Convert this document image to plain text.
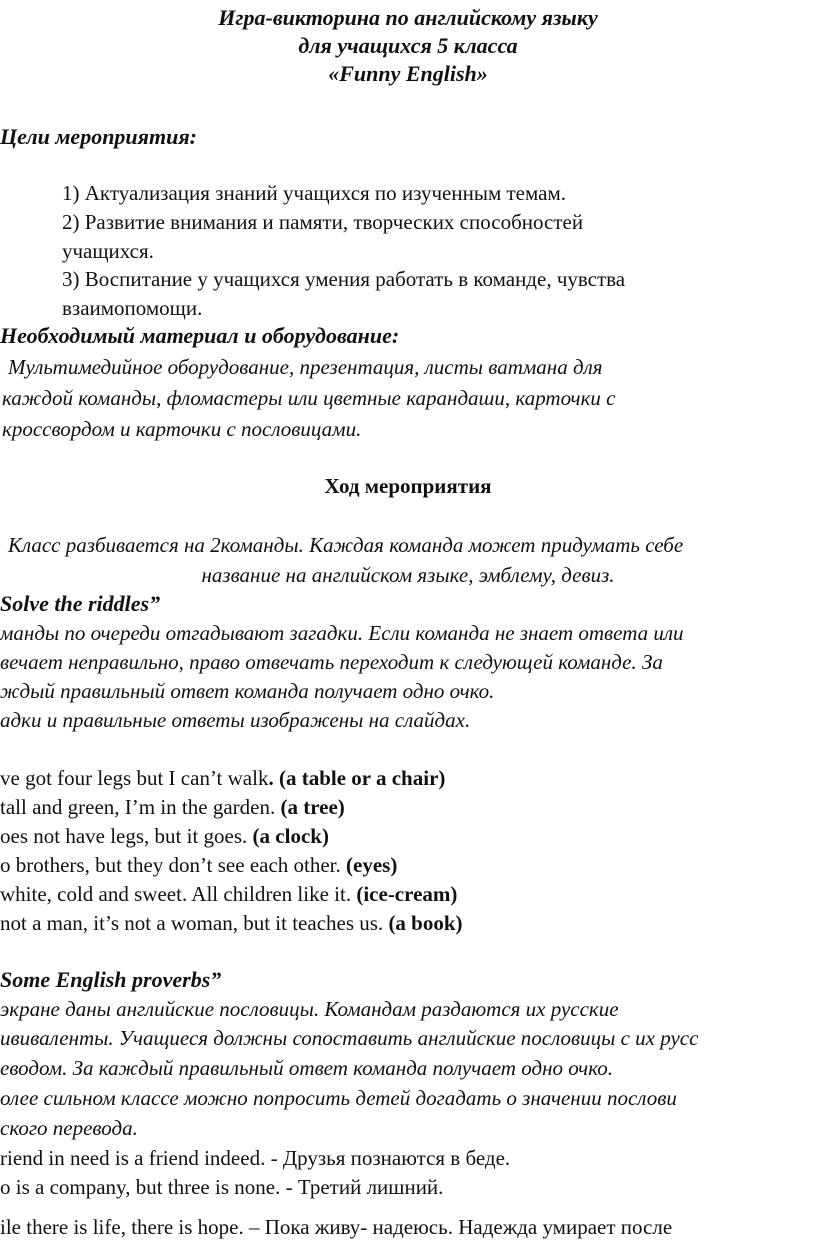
Игра-викторина по английскому языку
для учащихся 5 класса
«Funny English»
Цели мероприятия:
1) Актуализация знаний учащихся по изученным темам.
2) Развитие внимания и памяти, творческих способностей
учащихся.
3) Воспитание у учащихся умения работать в команде, чувства
взаимопомощи.
Необходимый материал и оборудование:
Мультимедийное оборудование, презентация, листы ватмана для
каждой команды, фломастеры или цветные карандаши, карточки с
кроссвордом и карточки с пословицами.
Ход мероприятия
Класс разбивается на 2команды. Каждая команда может придумать себе
название на английском языке, эмблему, девиз.
Solve the riddles”
манды по очереди отгадывают загадки. Если команда не знает ответа или
вечает неправильно, право отвечать переходит к следующей команде. За
ждый правильный ответ команда получает одно очко.
адки и правильные ответы изображены на слайдах.
ve got four legs but I can’t walk. (a table or a chair)
tall and green, I’m in the garden. (a tree)
oes not have legs, but it goes. (a clock)
o brothers, but they don’t see each other. (eyes)
white, cold and sweet. All children like it. (ice-cream)
not a man, it’s not a woman, but it teaches us. (a book)
Some English proverbs”
экране даны английские пословицы. Командам раздаются их русские
ививаленты. Учащиеся должны сопоставить английские пословицы с их русс
еводом. За каждый правильный ответ команда получает одно очко.
олее сильном классе можно попросить детей догадать о значении послови
ского перевода.
riend in need is a friend indeed. - Друзья познаются в беде.
o is a company, but three is none. - Третий лишний.
ile there is life, there is hope. – Пока живу- надеюсь. Надежда умирает после
